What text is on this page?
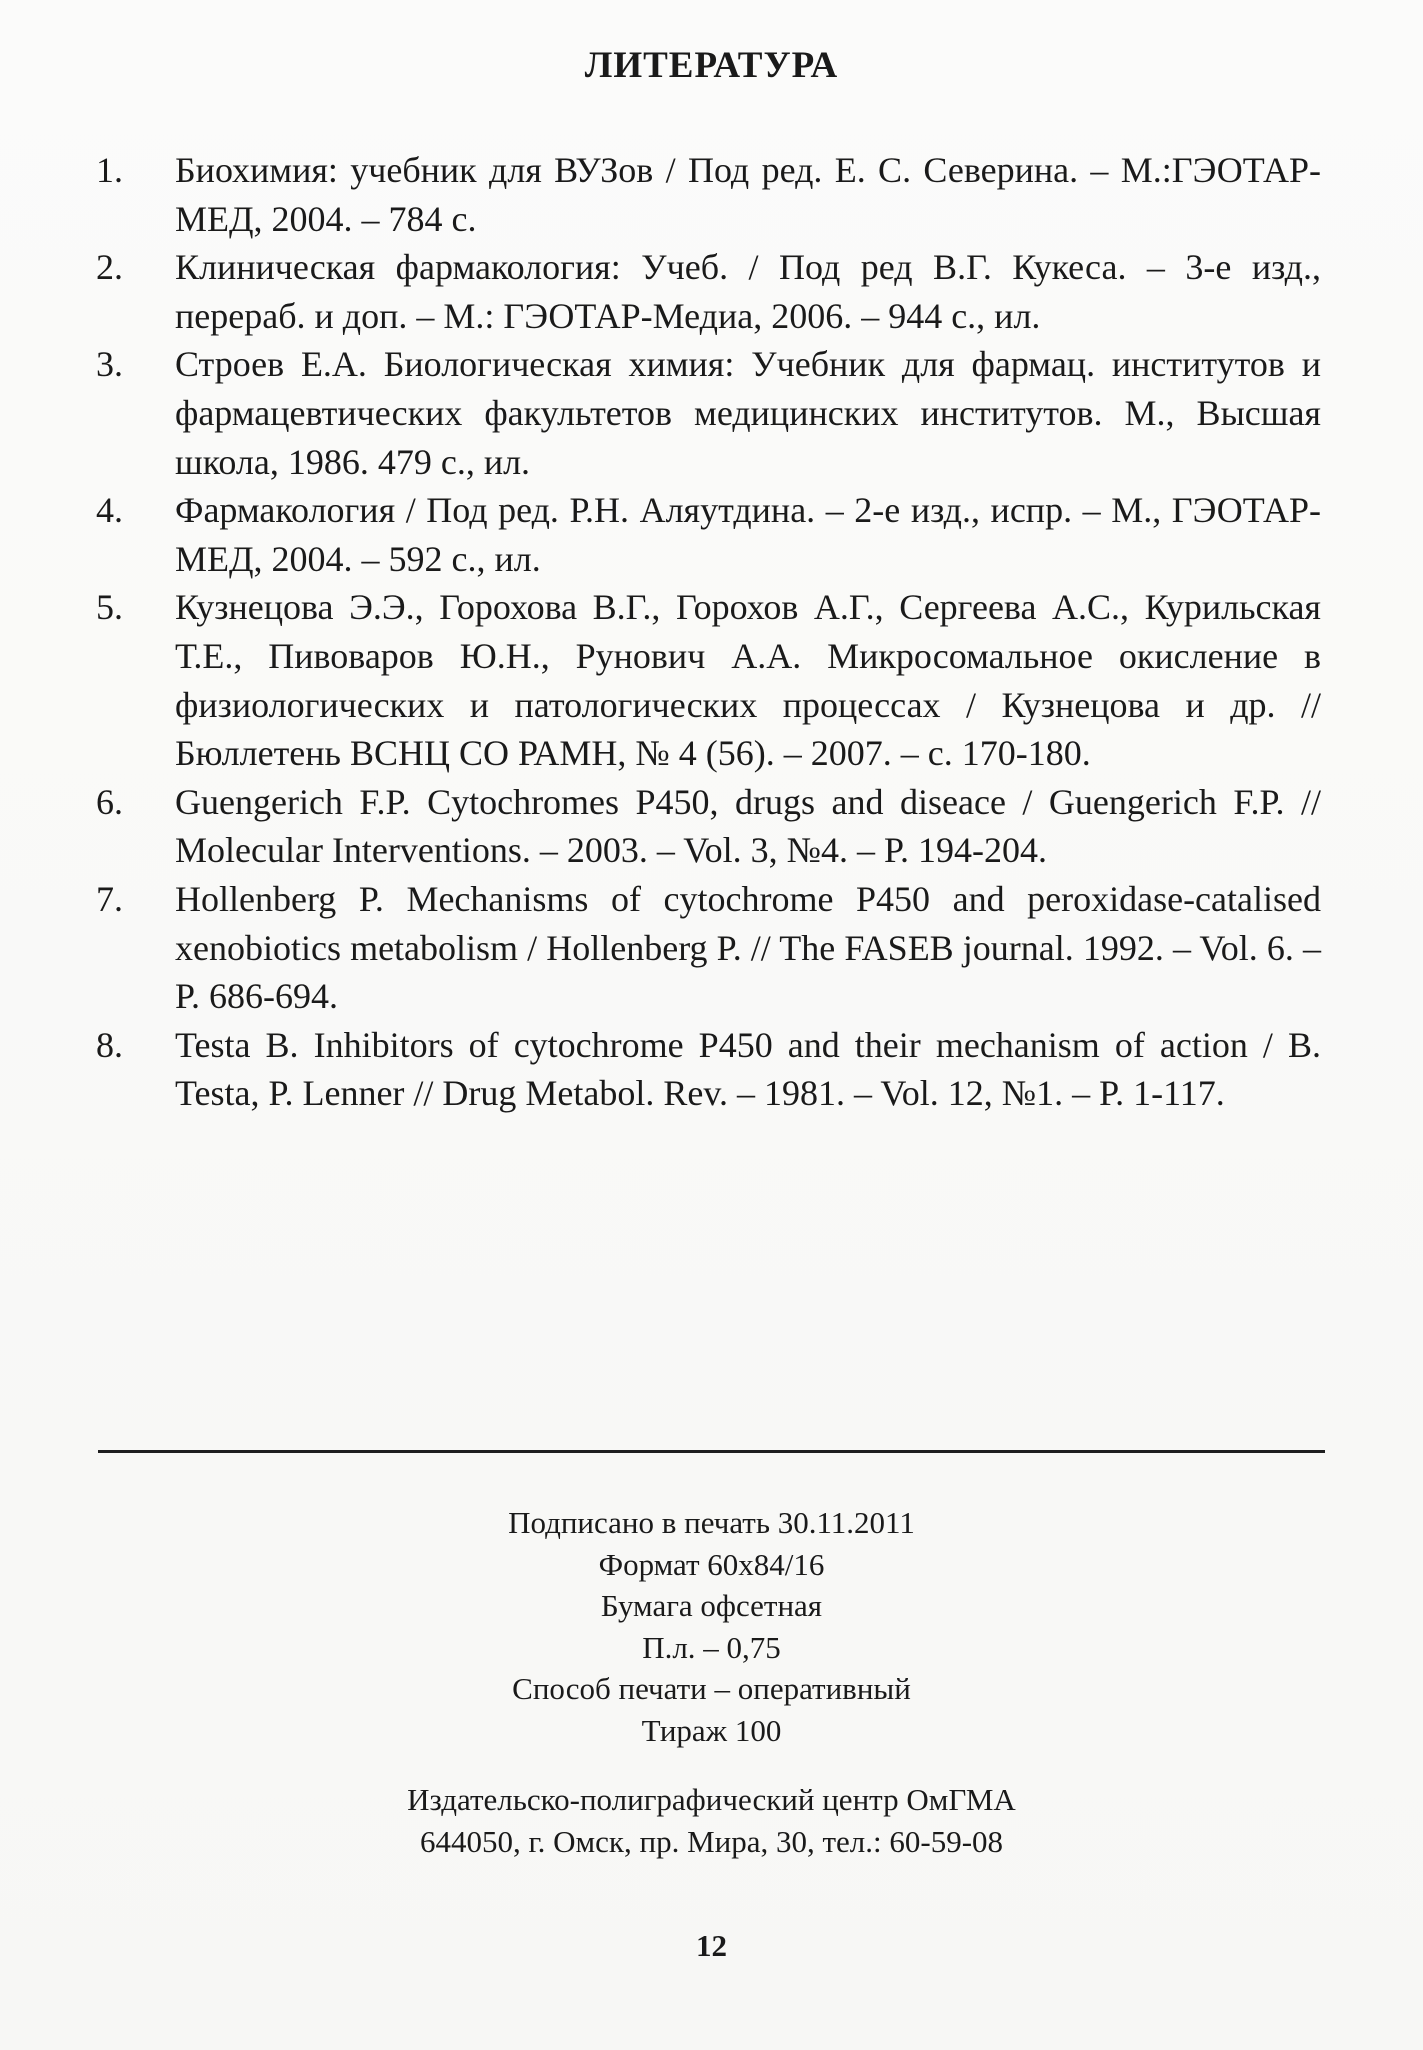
ЛИТЕРАТУРА
1. Биохимия: учебник для ВУЗов / Под ред. Е. С. Северина. – М.:ГЭОТАР-МЕД, 2004. – 784 с.
2. Клиническая фармакология: Учеб. / Под ред В.Г. Кукеса. – 3-е изд., перераб. и доп. – М.: ГЭОТАР-Медиа, 2006. – 944 с., ил.
3. Строев Е.А. Биологическая химия: Учебник для фармац. институтов и фармацевтических факультетов медицинских институтов. М., Высшая школа, 1986. 479 с., ил.
4. Фармакология / Под ред. Р.Н. Аляутдина. – 2-е изд., испр. – М., ГЭОТАР-МЕД, 2004. – 592 с., ил.
5. Кузнецова Э.Э., Горохова В.Г., Горохов А.Г., Сергеева А.С., Курильская Т.Е., Пивоваров Ю.Н., Рунович А.А. Микросомальное окисление в физиологических и патологических процессах / Кузнецова и др. // Бюллетень ВСНЦ СО РАМН, № 4 (56). – 2007. – с. 170-180.
6. Guengerich F.P. Cytochromes P450, drugs and diseace / Guengerich F.P. // Molecular Interventions. – 2003. – Vol. 3, №4. – P. 194-204.
7. Hollenberg P. Mechanisms of cytochrome P450 and peroxidase-catalised xenobiotics metabolism / Hollenberg P. // The FASEB journal. 1992. – Vol. 6. – P. 686-694.
8. Testa B. Inhibitors of cytochrome P450 and their mechanism of action / B. Testa, P. Lenner // Drug Metabol. Rev. – 1981. – Vol. 12, №1. – P. 1-117.
Подписано в печать 30.11.2011
Формат 60x84/16
Бумага офсетная
П.л. – 0,75
Способ печати – оперативный
Тираж 100
Издательско-полиграфический центр ОмГМА
644050, г. Омск, пр. Мира, 30, тел.: 60-59-08
12
